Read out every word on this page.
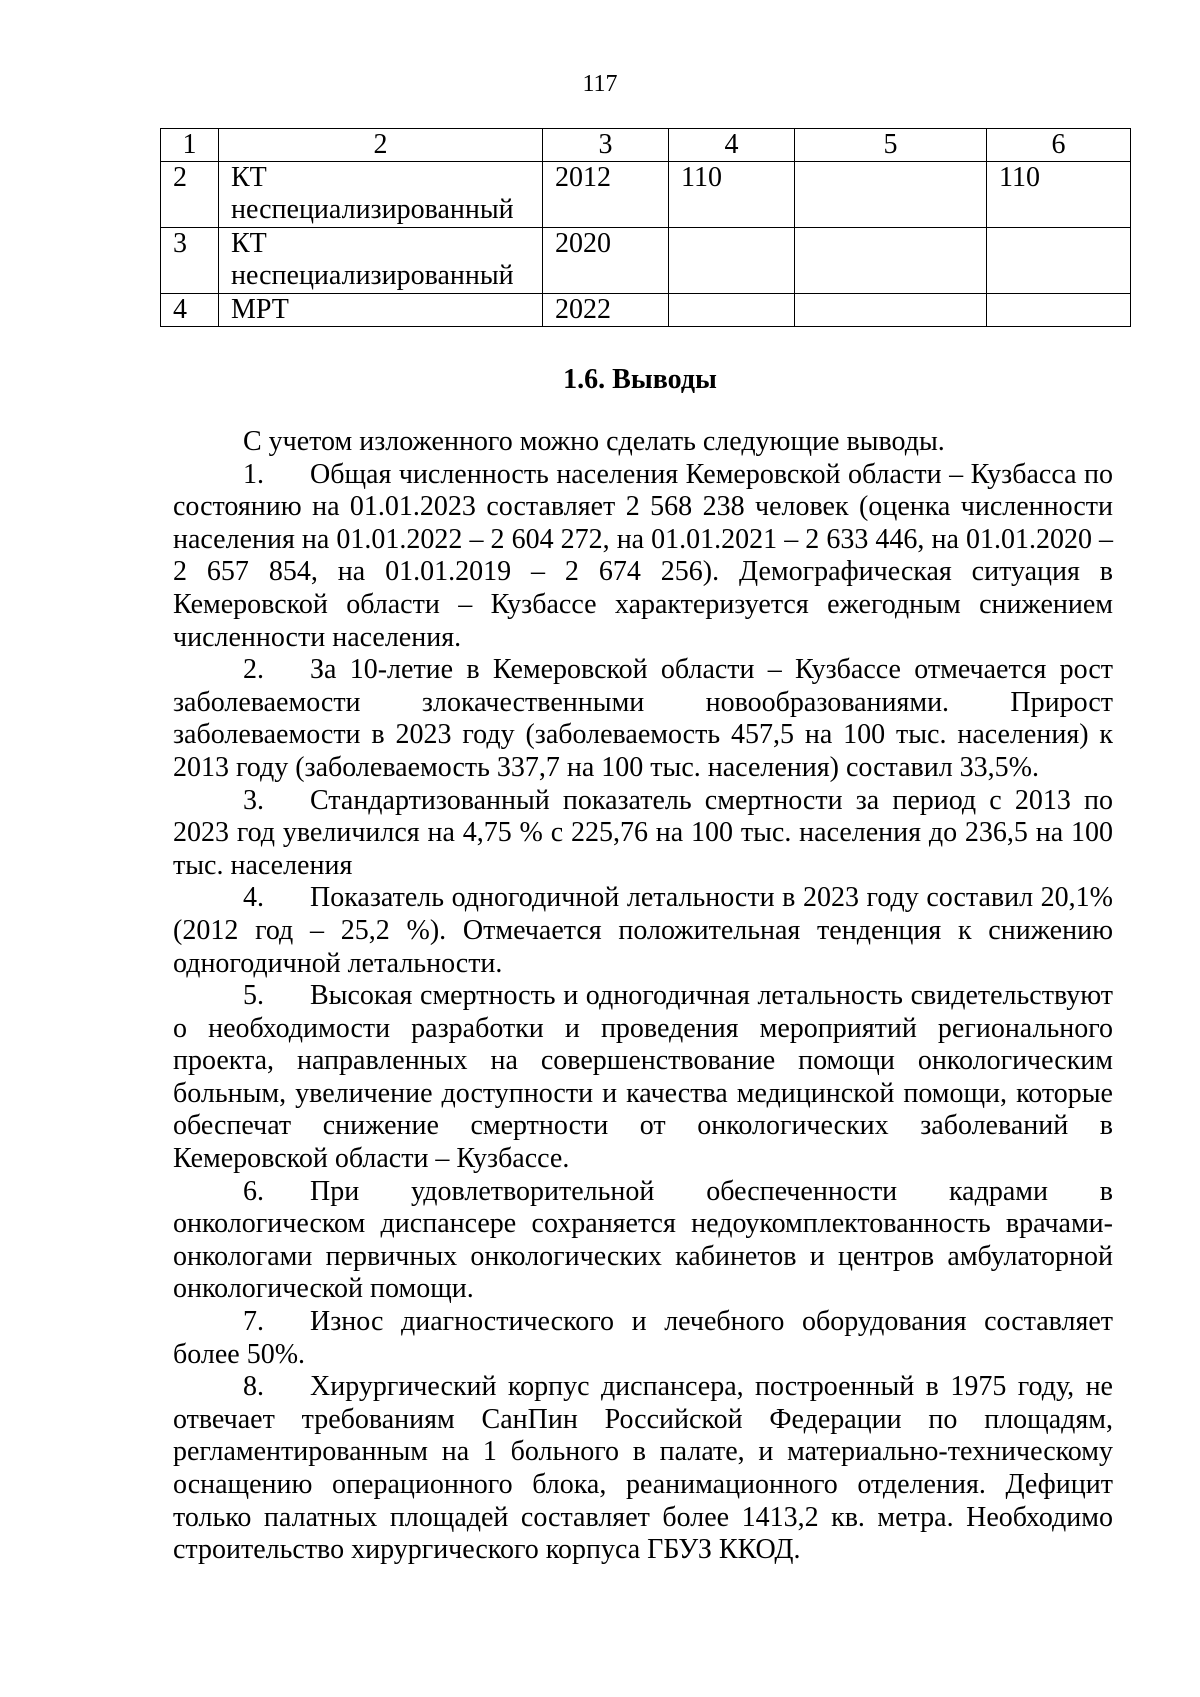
117
1	2	3	4	5	6
2	КТ неспециализированный	2012	110		110
3	КТ неспециализированный	2020			
4	МРТ	2022			
1.6. Выводы

С учетом изложенного можно сделать следующие выводы.

1. Общая численность населения Кемеровской области – Кузбасса по состоянию на 01.01.2023 составляет 2 568 238 человек (оценка численности населения на 01.01.2022 – 2 604 272, на 01.01.2021 – 2 633 446, на 01.01.2020 – 2 657 854, на 01.01.2019 – 2 674 256). Демографическая ситуация в Кемеровской области – Кузбассе характеризуется ежегодным снижением численности населения.

2. За 10-летие в Кемеровской области – Кузбассе отмечается рост заболеваемости злокачественными новообразованиями. Прирост заболеваемости в 2023 году (заболеваемость 457,5 на 100 тыс. населения) к 2013 году (заболеваемость 337,7 на 100 тыс. населения) составил 33,5%.

3. Стандартизованный показатель смертности за период с 2013 по 2023 год увеличился на 4,75 % с 225,76 на 100 тыс. населения до 236,5 на 100 тыс. населения

4. Показатель одногодичной летальности в 2023 году составил 20,1% (2012 год – 25,2 %). Отмечается положительная тенденция к снижению одногодичной летальности.

5. Высокая смертность и одногодичная летальность свидетельствуют о необходимости разработки и проведения мероприятий регионального проекта, направленных на совершенствование помощи онкологическим больным, увеличение доступности и качества медицинской помощи, которые обеспечат снижение смертности от онкологических заболеваний в Кемеровской области – Кузбассе.

6. При удовлетворительной обеспеченности кадрами в онкологическом диспансере сохраняется недоукомплектованность врачами-онкологами первичных онкологических кабинетов и центров амбулаторной онкологической помощи.

7. Износ диагностического и лечебного оборудования составляет более 50%.

8. Хирургический корпус диспансера, построенный в 1975 году, не отвечает требованиям СанПин Российской Федерации по площадям, регламентированным на 1 больного в палате, и материально-техническому оснащению операционного блока, реанимационного отделения. Дефицит только палатных площадей составляет более 1413,2 кв. метра. Необходимо строительство хирургического корпуса ГБУЗ ККОД.
